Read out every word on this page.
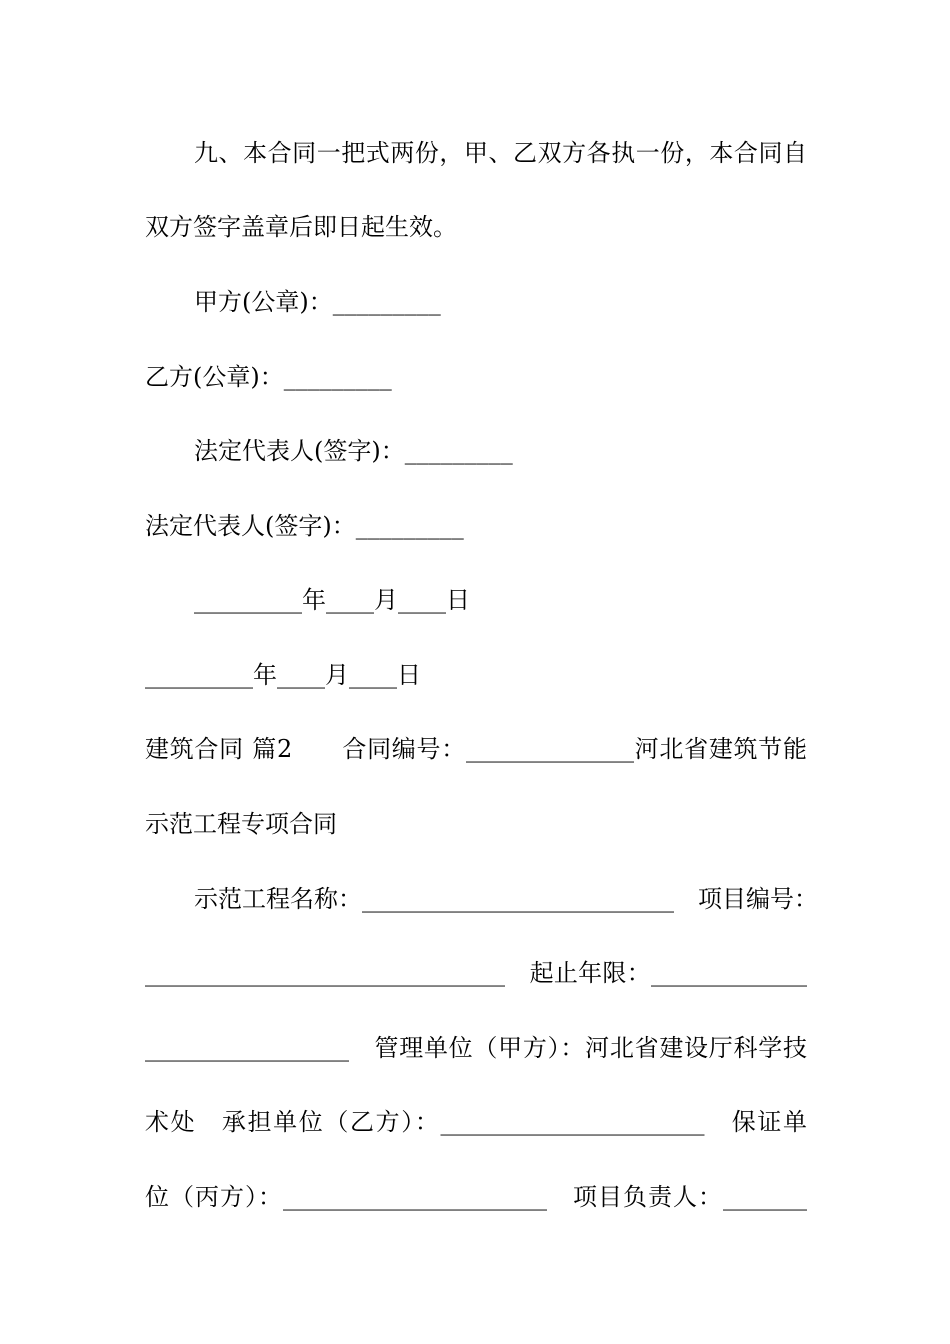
九、本合同一把式两份，甲、乙双方各执一份，本合同自
双方签字盖章后即日起生效。
甲方(公章)：_________
乙方(公章)：_________
法定代表人(签字)：_________
法定代表人(签字)：_________
_________年____月____日
_________年____月____日
建筑合同 篇2　　合同编号：______________河北省建筑节能
示范工程专项合同
示范工程名称：__________________________　项目编号：
______________________________　起止年限：_____________
_________________　管理单位（甲方）：河北省建设厅科学技
术处　承担单位（乙方）：______________________　保证单
位（丙方）：______________________　项目负责人：_______
